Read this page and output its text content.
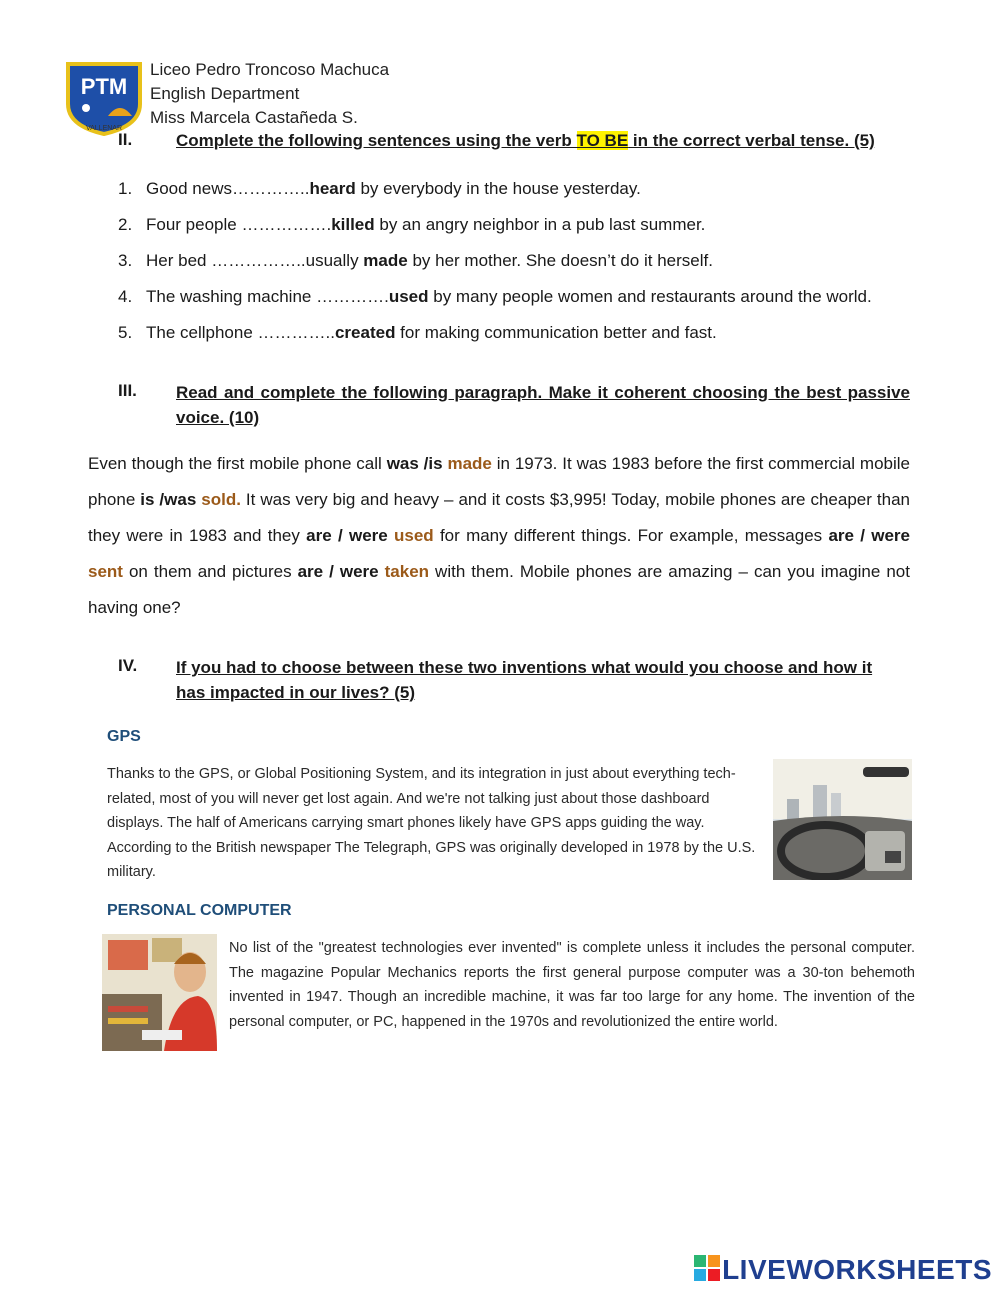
PTM
VALLENAR
Liceo Pedro Troncoso Machuca
English Department
Miss Marcela Castañeda S.
II.	Complete the following sentences using the verb TO BE in the correct verbal tense. (5)
1. Good news…………..heard by everybody in the house yesterday.
2. Four people …………….killed by an angry neighbor in a pub last summer.
3. Her bed ……………..usually made by her mother. She doesn’t do it herself.
4. The washing machine ………….used by many people women and restaurants around the world.
5. The cellphone …………..created for making communication better and fast.
III. Read and complete the following paragraph. Make it coherent choosing the best passive
voice. (10)
Even though the first mobile phone call was /is made in 1973. It was 1983 before the first commercial mobile phone is /was sold. It was very big and heavy – and it costs $3,995! Today, mobile phones are cheaper than they were in 1983 and they are / were used for many different things. For example, messages are / were sent on them and pictures are / were taken with them. Mobile phones are amazing – can you imagine not having one?
IV. If you had to choose between these two inventions what would you choose and how it
has impacted in our lives? (5)
GPS
Thanks to the GPS, or Global Positioning System, and its integration in just about everything tech-related, most of you will never get lost again. And we're not talking just about those dashboard displays. The half of Americans carrying smart phones likely have GPS apps guiding the way. According to the British newspaper The Telegraph, GPS was originally developed in 1978 by the U.S. military.
PERSONAL COMPUTER
No list of the "greatest technologies ever invented" is complete unless it includes the personal computer. The magazine Popular Mechanics reports the first general purpose computer was a 30-ton behemoth invented in 1947. Though an incredible machine, it was far too large for any home. The invention of the personal computer, or PC, happened in the 1970s and revolutionized the entire world.
LIVEWORKSHEETS
